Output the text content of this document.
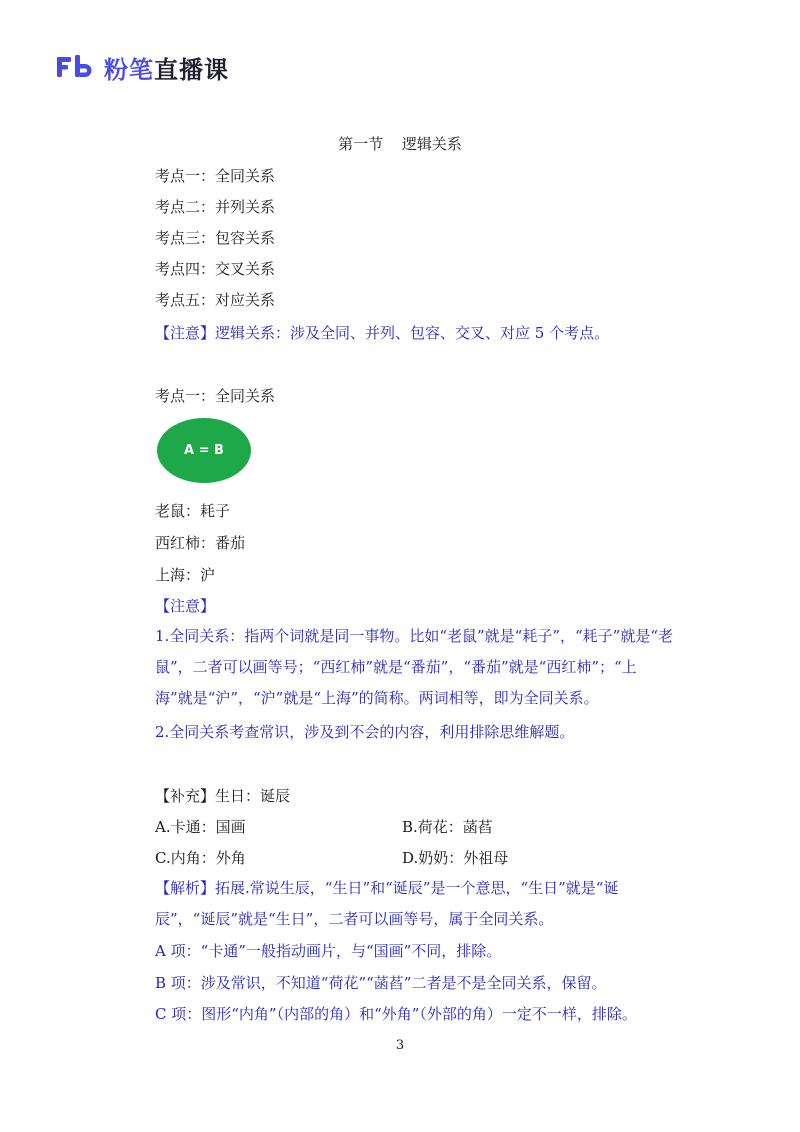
粉笔直播课
第一节 逻辑关系
考点一：全同关系
考点二：并列关系
考点三：包容关系
考点四：交叉关系
考点五：对应关系
【注意】逻辑关系：涉及全同、并列、包容、交叉、对应 5 个考点。
考点一：全同关系
A = B
老鼠：耗子
西红柿：番茄
上海：沪
【注意】
1.全同关系：指两个词就是同一事物。比如“老鼠”就是“耗子”，“耗子”就是“老鼠”，二者可以画等号；“西红柿”就是“番茄”，“番茄”就是“西红柿”；“上海”就是“沪”，“沪”就是“上海”的简称。两词相等，即为全同关系。
2.全同关系考查常识，涉及到不会的内容，利用排除思维解题。
【补充】生日：诞辰
A.卡通：国画	B.荷花：菡萏
C.内角：外角	D.奶奶：外祖母
【解析】拓展.常说生辰，“生日”和“诞辰”是一个意思，“生日”就是“诞辰”，“诞辰”就是“生日”，二者可以画等号，属于全同关系。
A 项：“卡通”一般指动画片，与“国画”不同，排除。
B 项：涉及常识，不知道“荷花”“菡萏”二者是不是全同关系，保留。
C 项：图形“内角”（内部的角）和“外角”（外部的角）一定不一样，排除。
3
